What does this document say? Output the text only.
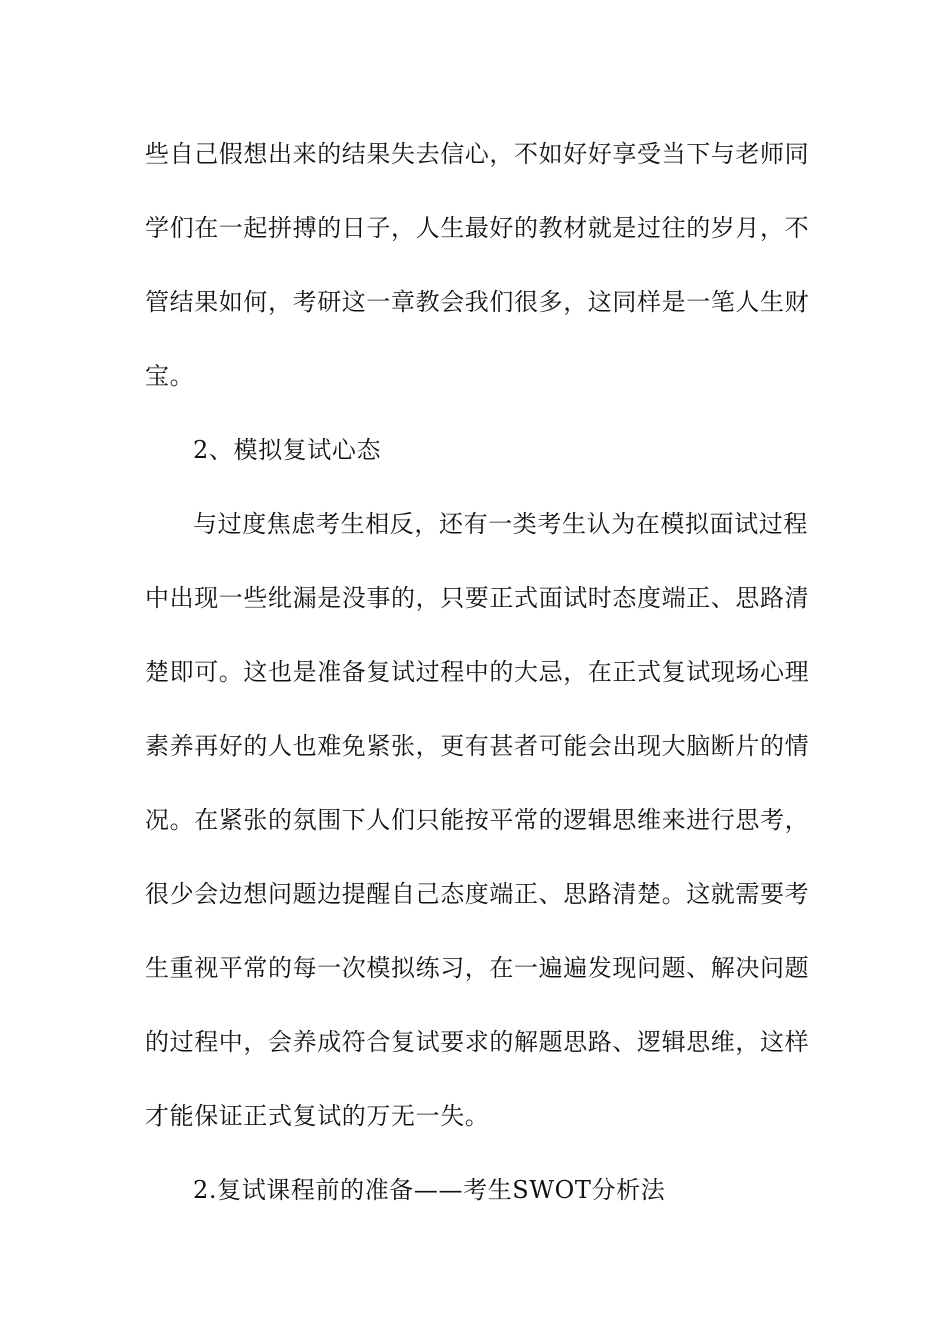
些自己假想出来的结果失去信心，不如好好享受当下与老师同
学们在一起拼搏的日子，人生最好的教材就是过往的岁月，不
管结果如何，考研这一章教会我们很多，这同样是一笔人生财
宝。
2、模拟复试心态
与过度焦虑考生相反，还有一类考生认为在模拟面试过程
中出现一些纰漏是没事的，只要正式面试时态度端正、思路清
楚即可。这也是准备复试过程中的大忌，在正式复试现场心理
素养再好的人也难免紧张，更有甚者可能会出现大脑断片的情
况。在紧张的氛围下人们只能按平常的逻辑思维来进行思考，
很少会边想问题边提醒自己态度端正、思路清楚。这就需要考
生重视平常的每一次模拟练习，在一遍遍发现问题、解决问题
的过程中，会养成符合复试要求的解题思路、逻辑思维，这样
才能保证正式复试的万无一失。
2.复试课程前的准备——考生SWOT分析法
